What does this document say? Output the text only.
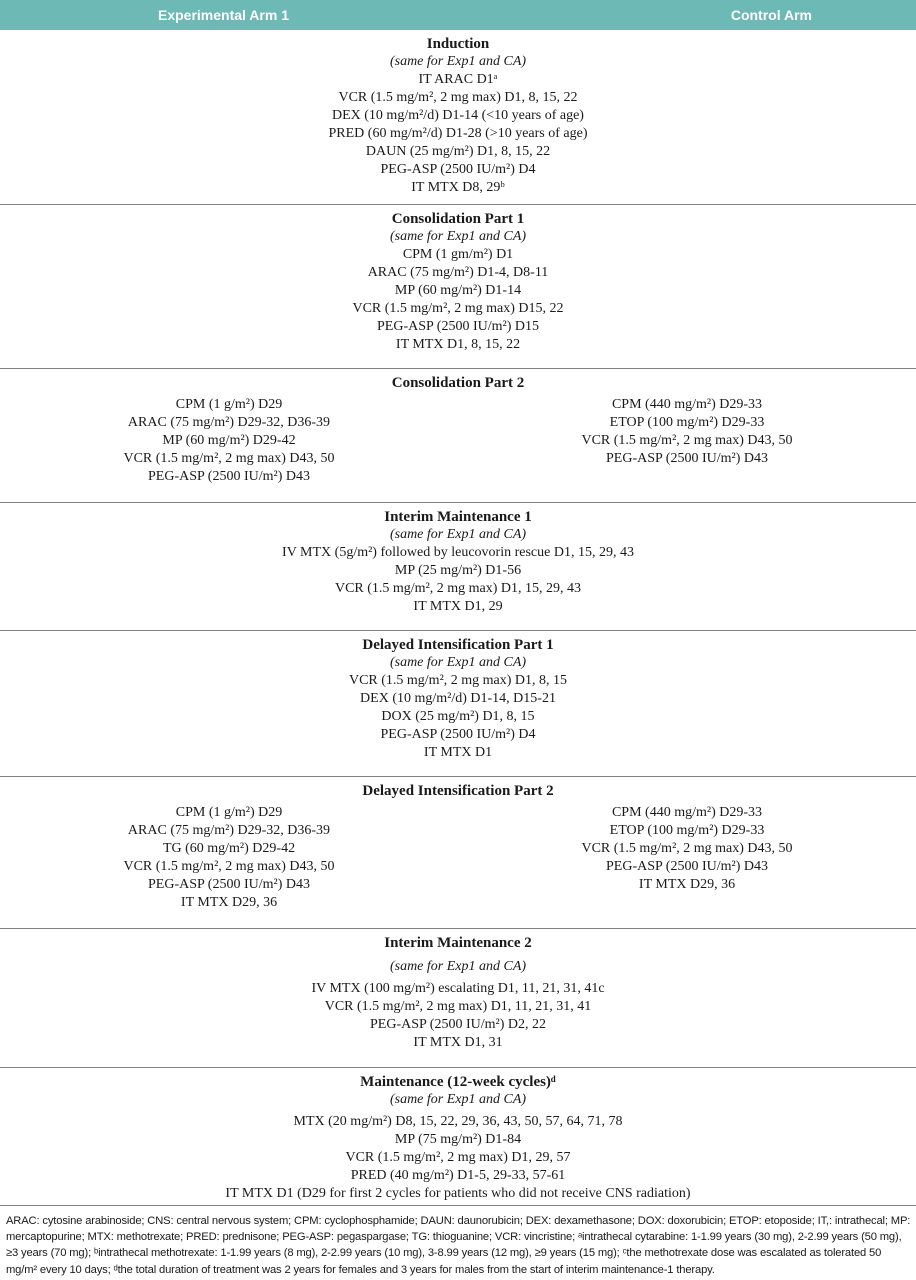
Experimental Arm 1	Control Arm
Induction
(same for Exp1 and CA)
IT ARAC D1ᵃ
VCR (1.5 mg/m², 2 mg max) D1, 8, 15, 22
DEX (10 mg/m²/d) D1-14 (<10 years of age)
PRED (60 mg/m²/d) D1-28 (>10 years of age)
DAUN (25 mg/m²) D1, 8, 15, 22
PEG-ASP (2500 IU/m²) D4
IT MTX D8, 29ᵇ
Consolidation Part 1
(same for Exp1 and CA)
CPM (1 gm/m²) D1
ARAC (75 mg/m²) D1-4, D8-11
MP (60 mg/m²) D1-14
VCR (1.5 mg/m², 2 mg max) D15, 22
PEG-ASP (2500 IU/m²) D15
IT MTX D1, 8, 15, 22
Consolidation Part 2
CPM (1 g/m²) D29
ARAC (75 mg/m²) D29-32, D36-39
MP (60 mg/m²) D29-42
VCR (1.5 mg/m², 2 mg max) D43, 50
PEG-ASP (2500 IU/m²) D43
CPM (440 mg/m²) D29-33
ETOP (100 mg/m²) D29-33
VCR (1.5 mg/m², 2 mg max) D43, 50
PEG-ASP (2500 IU/m²) D43
Interim Maintenance 1
(same for Exp1 and CA)
IV MTX (5g/m²) followed by leucovorin rescue D1, 15, 29, 43
MP (25 mg/m²) D1-56
VCR (1.5 mg/m², 2 mg max) D1, 15, 29, 43
IT MTX D1, 29
Delayed Intensification Part 1
(same for Exp1 and CA)
VCR (1.5 mg/m², 2 mg max) D1, 8, 15
DEX (10 mg/m²/d) D1-14, D15-21
DOX (25 mg/m²) D1, 8, 15
PEG-ASP (2500 IU/m²) D4
IT MTX D1
Delayed Intensification Part 2
CPM (1 g/m²) D29
ARAC (75 mg/m²) D29-32, D36-39
TG (60 mg/m²) D29-42
VCR (1.5 mg/m², 2 mg max) D43, 50
PEG-ASP (2500 IU/m²) D43
IT MTX D29, 36
CPM (440 mg/m²) D29-33
ETOP (100 mg/m²) D29-33
VCR (1.5 mg/m², 2 mg max) D43, 50
PEG-ASP (2500 IU/m²) D43
IT MTX D29, 36
Interim Maintenance 2
(same for Exp1 and CA)
IV MTX (100 mg/m²) escalating D1, 11, 21, 31, 41c
VCR (1.5 mg/m², 2 mg max) D1, 11, 21, 31, 41
PEG-ASP (2500 IU/m²) D2, 22
IT MTX D1, 31
Maintenance (12-week cycles)ᵈ
(same for Exp1 and CA)
MTX (20 mg/m²) D8, 15, 22, 29, 36, 43, 50, 57, 64, 71, 78
MP (75 mg/m²) D1-84
VCR (1.5 mg/m², 2 mg max) D1, 29, 57
PRED (40 mg/m²) D1-5, 29-33, 57-61
IT MTX D1 (D29 for first 2 cycles for patients who did not receive CNS radiation)
ARAC: cytosine arabinoside; CNS: central nervous system; CPM: cyclophosphamide; DAUN: daunorubicin; DEX: dexamethasone; DOX: doxorubicin; ETOP: etoposide; IT,: intrathecal; MP: mercaptopurine; MTX: methotrexate; PRED: prednisone; PEG-ASP: pegaspargase; TG: thioguanine; VCR: vincristine; ᵃintrathecal cytarabine: 1-1.99 years (30 mg), 2-2.99 years (50 mg), ≥3 years (70 mg); ᵇintrathecal methotrexate: 1-1.99 years (8 mg), 2-2.99 years (10 mg), 3-8.99 years (12 mg), ≥9 years (15 mg); ᶜthe methotrexate dose was escalated as tolerated 50 mg/m² every 10 days; ᵈthe total duration of treatment was 2 years for females and 3 years for males from the start of interim maintenance-1 therapy.
